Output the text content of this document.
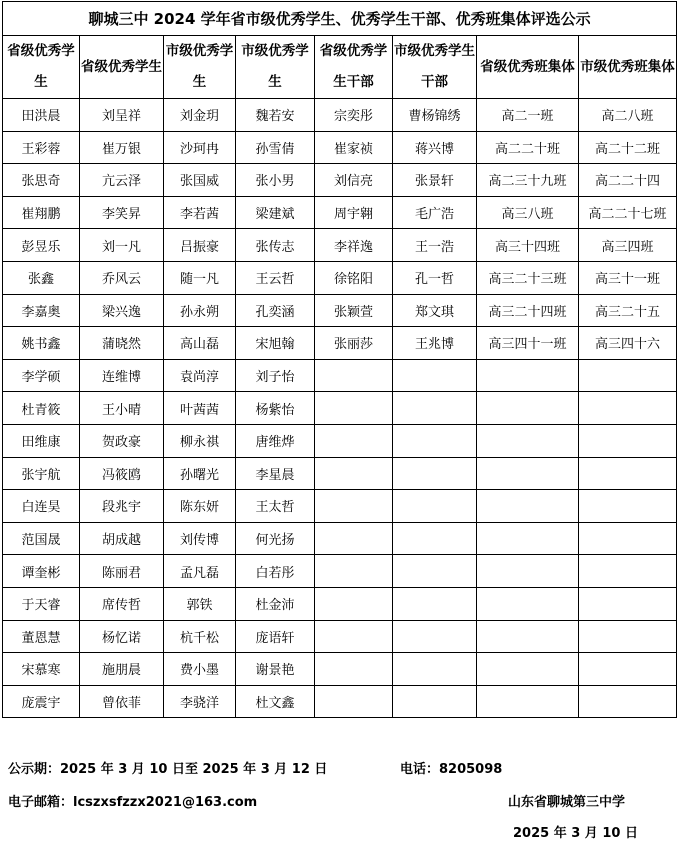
聊城三中 2024 学年省市级优秀学生、优秀学生干部、优秀班集体评选公示							
省级优秀学生	省级优秀学生	市级优秀学生	市级优秀学生	省级优秀学生干部	市级优秀学生干部	省级优秀班集体	市级优秀班集体
田洪晨	刘呈祥	刘金玥	魏若安	宗奕彤	曹杨锦绣	高二一班	高二八班
王彩蓉	崔万银	沙珂冉	孙雪倩	崔家祯	蒋兴博	高二二十班	高二十二班
张思奇	亢云泽	张国威	张小男	刘信亮	张景轩	高二三十九班	高二二十四
崔翔鹏	李笑昇	李若茜	梁建斌	周宇翱	毛广浩	高三八班	高二二十七班
彭昱乐	刘一凡	吕振豪	张传志	李祥逸	王一浩	高三十四班	高三四班
张鑫	乔风云	随一凡	王云哲	徐铭阳	孔一哲	高三二十三班	高三十一班
李嘉奥	梁兴逸	孙永朔	孔奕涵	张颖萱	郑文琪	高三二十四班	高三二十五
姚书鑫	蒲晓然	高山磊	宋旭翰	张丽莎	王兆博	高三四十一班	高三四十六
李学硕	连维博	袁尚淳	刘子怡				
杜青筱	王小晴	叶茜茜	杨紫怡				
田维康	贺政豪	柳永祺	唐维烨				
张宇航	冯筱鸥	孙曙光	李星晨				
白连昊	段兆宇	陈东妍	王太哲				
范国晟	胡成越	刘传博	何光扬				
谭奎彬	陈丽君	孟凡磊	白若彤				
于天睿	席传哲	郭铁	杜金沛				
董恩慧	杨忆诺	杭千松	庞语轩				
宋慕寒	施朋晨	费小墨	谢景艳				
庞震宇	曾依菲	李骁洋	杜文鑫				
公示期：2025 年 3 月 10 日至 2025 年 3 月 12 日	电话：8205098
电子邮箱：lcszxsfzzx2021@163.com	山东省聊城第三中学
2025 年 3 月 10 日
